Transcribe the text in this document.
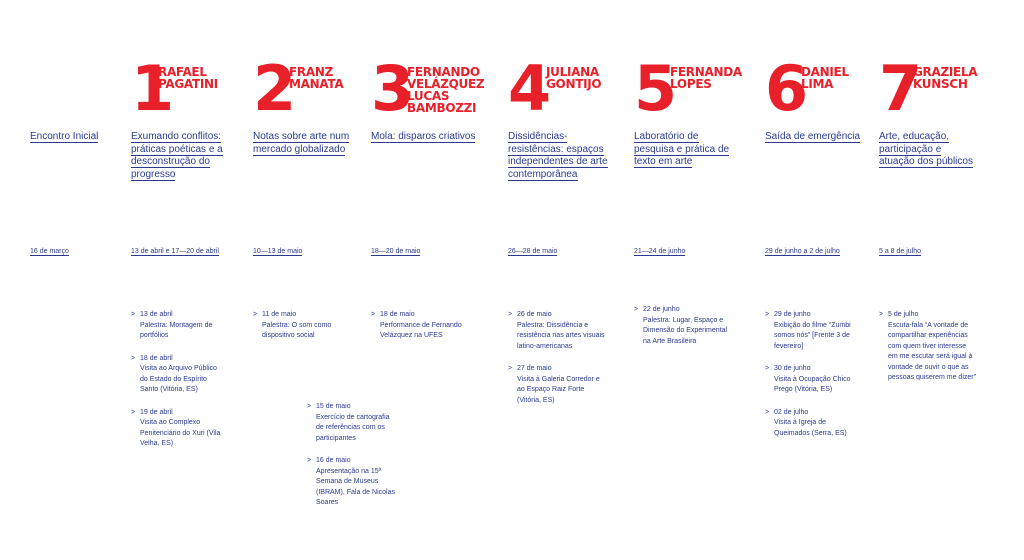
Encontro Inicial
16 de março
1
RAFAEL
PAGATINI
Exumando conflitos: práticas poéticas e a desconstrução do progresso
13 de abril e 17—20 de abril
> 13 de abril
Palestra: Montagem de portfólios
> 18 de abril
Visita ao Arquivo Público do Estado do Espírito Santo (Vitória, ES)
> 19 de abril
Visita ao Complexo Penitenciário do Xuri (Vila Velha, ES)
2
FRANZ
MANATA
Notas sobre arte num mercado globalizado
10—13 de maio
> 11 de maio
Palestra: O som como dispositivo social
> 15 de maio
Exercício de cartografia de referências com os participantes
> 16 de maio
Apresentação na 15ª Semana de Museus (IBRAM), Fala de Nicolas Soares
3
FERNANDO
VELÁZQUEZ
LUCAS
BAMBOZZI
Mola: disparos criativos
18—20 de maio
> 18 de maio
Performance de Fernando Velázquez na UFES
4
JULIANA
GONTIJO
Dissidências-resistências: espaços independentes de arte contemporânea
26—28 de maio
> 26 de maio
Palestra: Dissidência e resistência nas artes visuais latino-americanas
> 27 de maio
Visita à Galeria Corredor e ao Espaço Raiz Forte (Vitória, ES)
5
FERNANDA
LOPES
Laboratório de pesquisa e prática de texto em arte
21—24 de junho
> 22 de junho
Palestra: Lugar, Espaço e Dimensão do Experimental na Arte Brasileira
6
DANIEL
LIMA
Saída de emergência
29 de junho a 2 de julho
> 29 de junho
Exibição do filme “Zumbi somos nós” [Frente 3 de fevereiro]
> 30 de junho
Visita à Ocupação Chico Prego (Vitória, ES)
> 02 de julho
Visita à Igreja de Queimados (Serra, ES)
7
GRAZIELA
KUNSCH
Arte, educação, participação e atuação dos públicos
5 a 8 de julho
> 5 de julho
Escuta-fala “A vontade de compartilhar experiências com quem tiver interesse em me escutar será igual à vontade de ouvir o que as pessoas quiserem me dizer”
